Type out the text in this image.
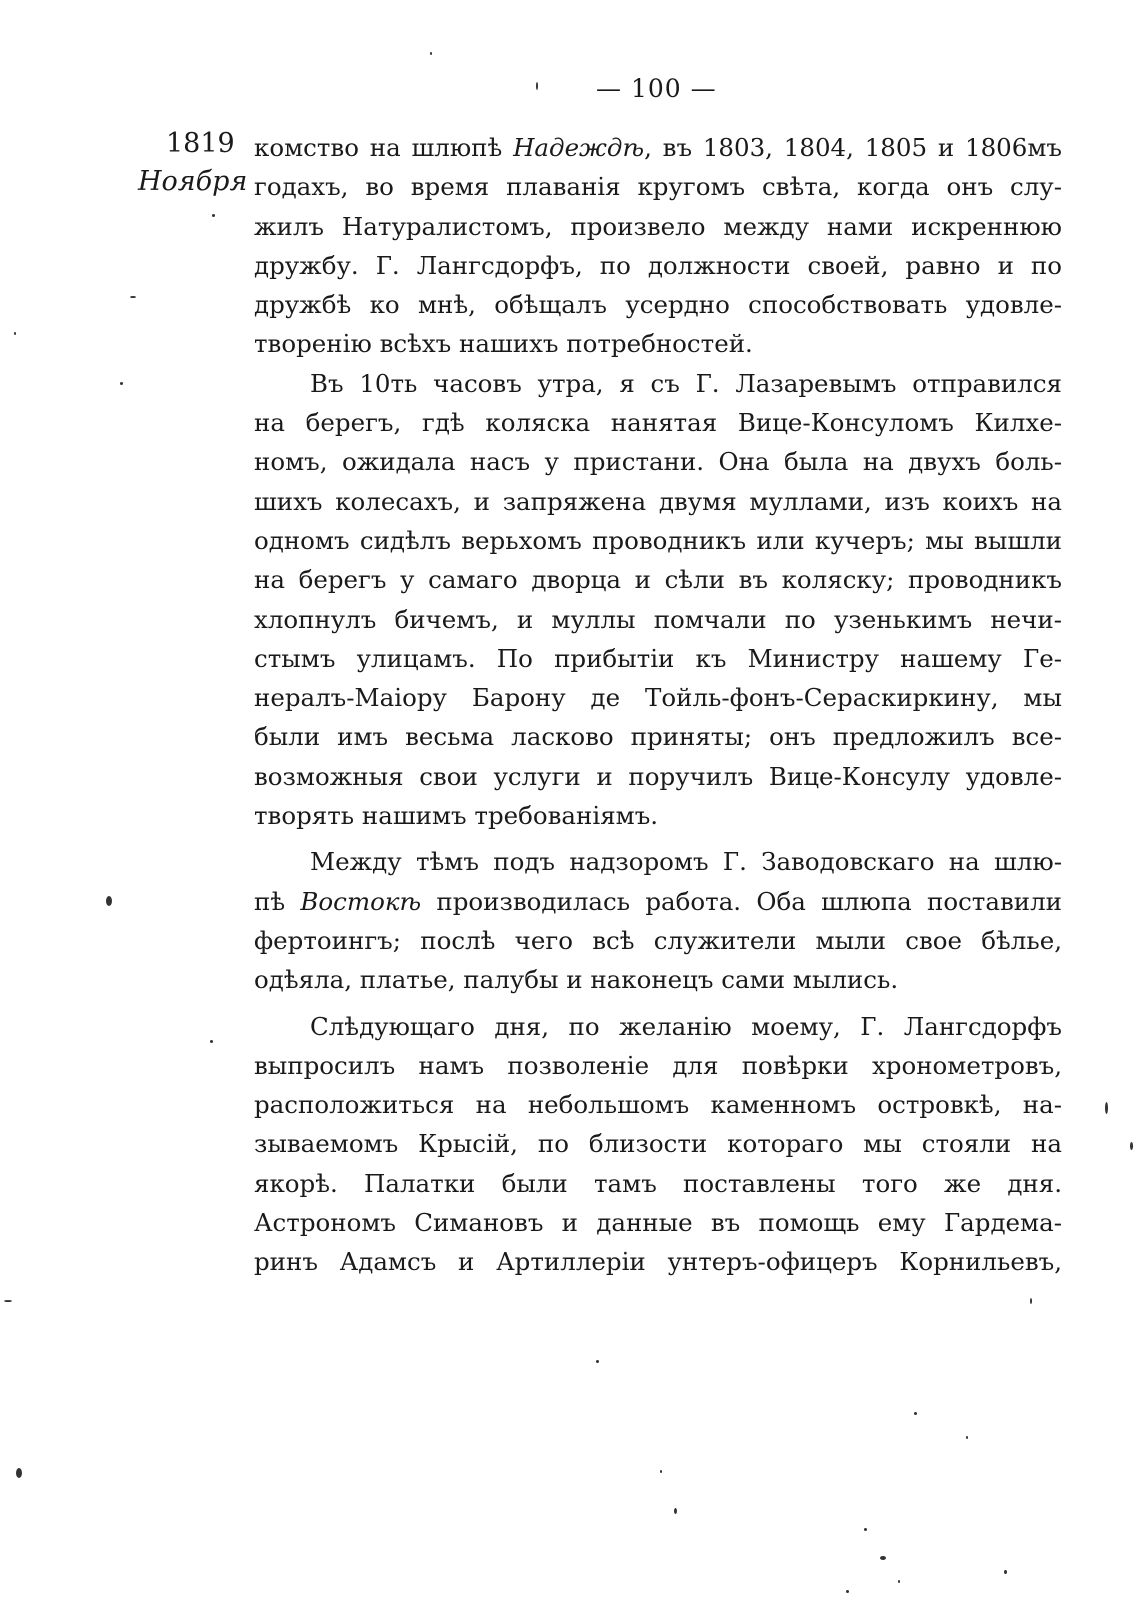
— 100 —
1819
Ноября
комство на шлюпѣ Надеждѣ, въ 1803, 1804, 1805 и 1806мъ
годахъ, во время плаванія кругомъ свѣта, когда онъ слу-
жилъ Натуралистомъ, произвело между нами искреннюю
дружбу. Г. Лангсдорфъ, по должности своей, равно и по
дружбѣ ко мнѣ, обѣщалъ усердно способствовать удовле-
творенію всѣхъ нашихъ потребностей.
Въ 10ть часовъ утра, я съ Г. Лазаревымъ отправился
на берегъ, гдѣ коляска нанятая Вице-Консуломъ Килхе-
номъ, ожидала насъ у пристани. Она была на двухъ боль-
шихъ колесахъ, и запряжена двумя муллами, изъ коихъ на
одномъ сидѣлъ верьхомъ проводникъ или кучеръ; мы вышли
на берегъ у самаго дворца и сѣли въ коляску; проводникъ
хлопнулъ бичемъ, и муллы помчали по узенькимъ нечи-
стымъ улицамъ. По прибытіи къ Министру нашему Ге-
нералъ-Маіору Барону де Тойль-фонъ-Сераскиркину, мы
были имъ весьма ласково приняты; онъ предложилъ все-
возможныя свои услуги и поручилъ Вице-Консулу удовле-
творять нашимъ требованіямъ.
Между тѣмъ подъ надзоромъ Г. Заводовскаго на шлю-
пѣ Востокѣ производилась работа. Оба шлюпа поставили
фертоингъ; послѣ чего всѣ служители мыли свое бѣлье,
одѣяла, платье, палубы и наконецъ сами мылись.
Слѣдующаго дня, по желанію моему, Г. Лангсдорфъ
выпросилъ намъ позволеніе для повѣрки хронометровъ,
расположиться на небольшомъ каменномъ островкѣ, на-
зываемомъ Крысій, по близости котораго мы стояли на
якорѣ. Палатки были тамъ поставлены того же дня.
Астрономъ Симановъ и данные въ помощь ему Гардема-
ринъ Адамсъ и Артиллеріи унтеръ-офицеръ Корнильевъ,
